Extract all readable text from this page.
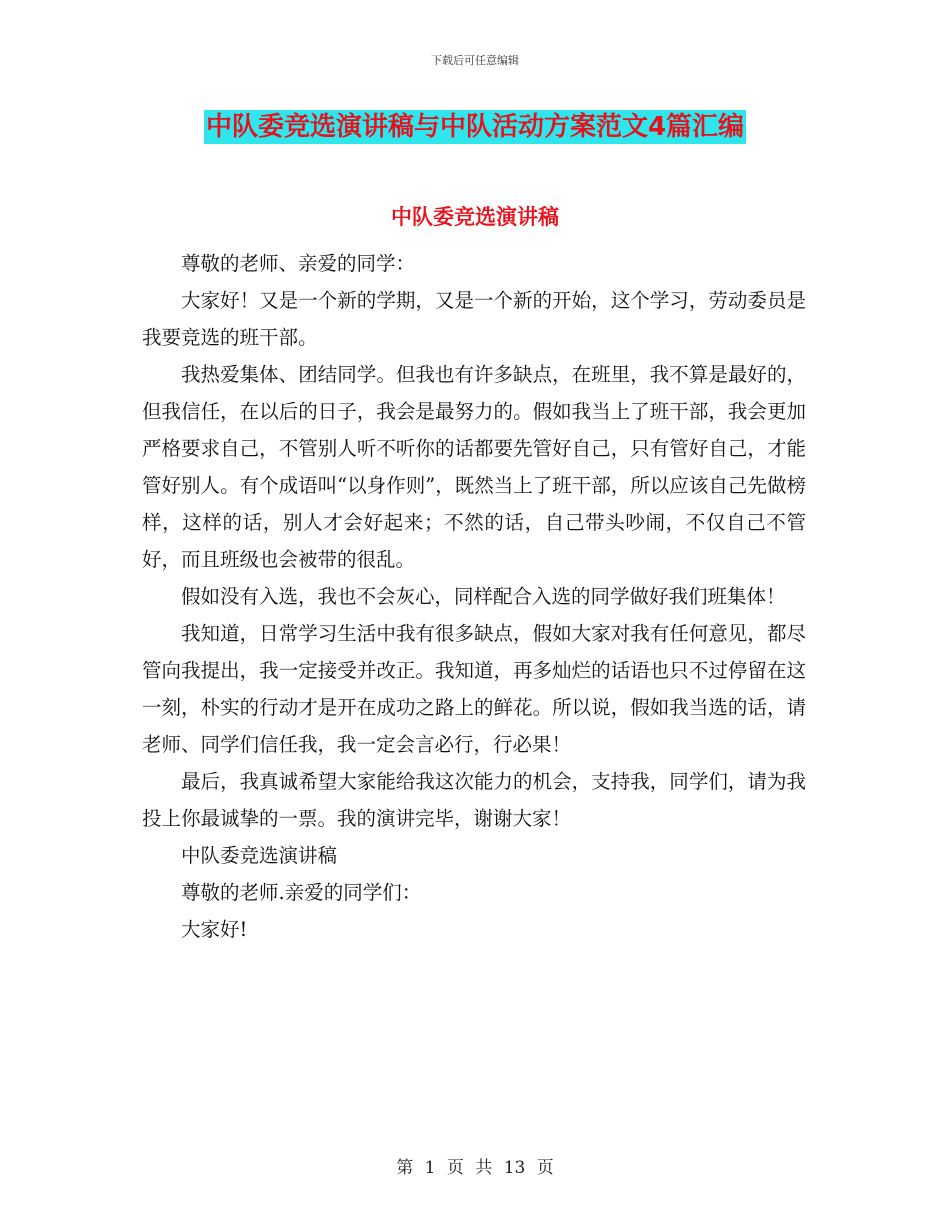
下载后可任意编辑
中队委竞选演讲稿与中队活动方案范文4篇汇编
中队委竞选演讲稿

尊敬的老师、亲爱的同学：

大家好！又是一个新的学期，又是一个新的开始，这个学习，劳动委员是我要竞选的班干部。

我热爱集体、团结同学。但我也有许多缺点，在班里，我不算是最好的，但我信任，在以后的日子，我会是最努力的。假如我当上了班干部，我会更加严格要求自己，不管别人听不听你的话都要先管好自己，只有管好自己，才能管好别人。有个成语叫“以身作则”，既然当上了班干部，所以应该自己先做榜样，这样的话，别人才会好起来；不然的话，自己带头吵闹，不仅自己不管好，而且班级也会被带的很乱。

假如没有入选，我也不会灰心，同样配合入选的同学做好我们班集体！

我知道，日常学习生活中我有很多缺点，假如大家对我有任何意见，都尽管向我提出，我一定接受并改正。我知道，再多灿烂的话语也只不过停留在这一刻，朴实的行动才是开在成功之路上的鲜花。所以说，假如我当选的话，请老师、同学们信任我，我一定会言必行，行必果！

最后，我真诚希望大家能给我这次能力的机会，支持我，同学们，请为我投上你最诚挚的一票。我的演讲完毕，谢谢大家！

中队委竞选演讲稿

尊敬的老师.亲爱的同学们：

大家好!

第 1 页 共 13 页
